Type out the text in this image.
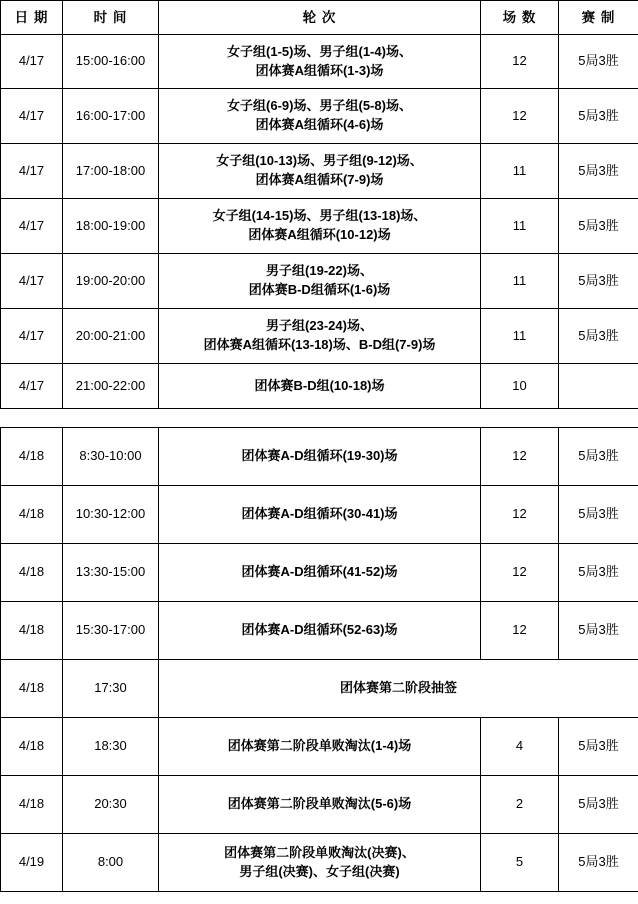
日 期	时 间	轮 次	场 数	赛 制
4/17	15:00-16:00	女子组(1-5)场、男子组(1-4)场、
团体赛A组循环(1-3)场	12	5局3胜
4/17	16:00-17:00	女子组(6-9)场、男子组(5-8)场、
团体赛A组循环(4-6)场	12	5局3胜
4/17	17:00-18:00	女子组(10-13)场、男子组(9-12)场、
团体赛A组循环(7-9)场	11	5局3胜
4/17	18:00-19:00	女子组(14-15)场、男子组(13-18)场、
团体赛A组循环(10-12)场	11	5局3胜
4/17	19:00-20:00	男子组(19-22)场、
团体赛B-D组循环(1-6)场	11	5局3胜
4/17	20:00-21:00	男子组(23-24)场、
团体赛A组循环(13-18)场、B-D组(7-9)场	11	5局3胜
4/17	21:00-22:00	团体赛B-D组(10-18)场	10	
4/18	8:30-10:00	团体赛A-D组循环(19-30)场	12	5局3胜
4/18	10:30-12:00	团体赛A-D组循环(30-41)场	12	5局3胜
4/18	13:30-15:00	团体赛A-D组循环(41-52)场	12	5局3胜
4/18	15:30-17:00	团体赛A-D组循环(52-63)场	12	5局3胜
4/18	17:30	团体赛第二阶段抽签		

4/18	18:30	团体赛第二阶段单败淘汰(1-4)场	4	5局3胜
4/18	20:30	团体赛第二阶段单败淘汰(5-6)场	2	5局3胜
4/19	8:00	团体赛第二阶段单败淘汰(决赛)、
男子组(决赛)、女子组(决赛)	5	5局3胜
